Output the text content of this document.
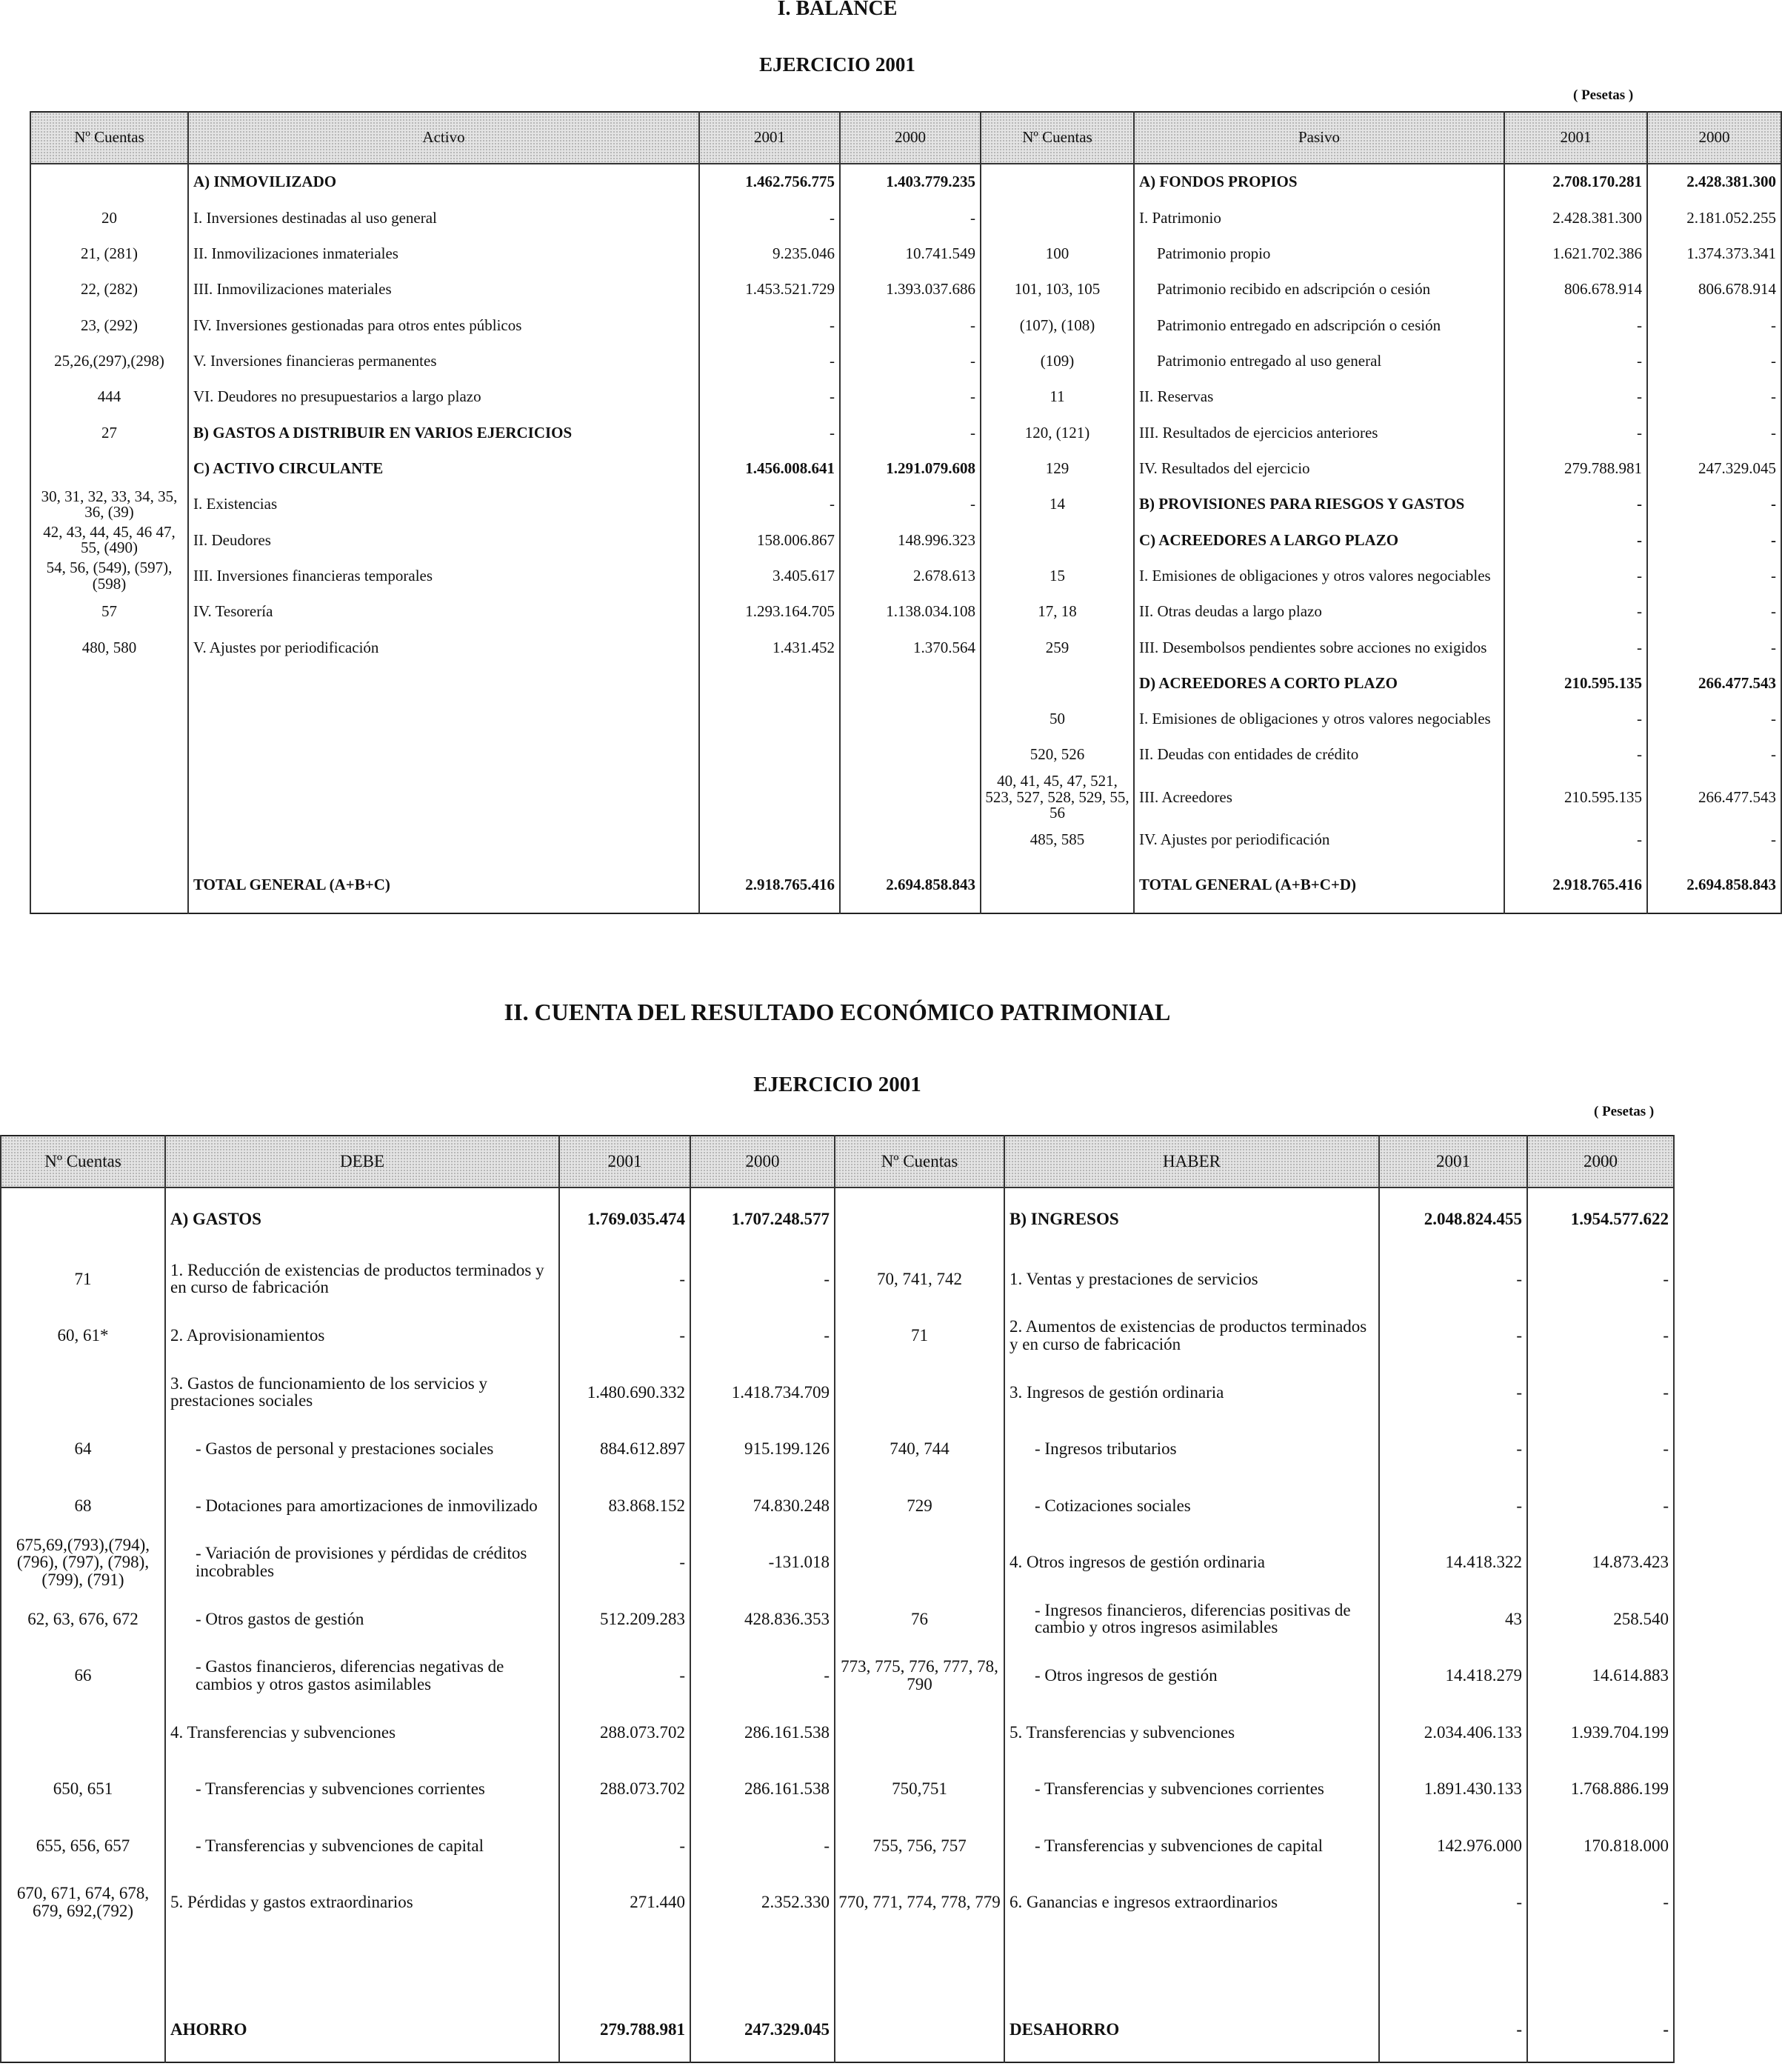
I. BALANCE
EJERCICIO 2001
( Pesetas )
Nº Cuentas	Activo	2001	2000	Nº Cuentas	Pasivo	2001	2000
	A) INMOVILIZADO	1.462.756.775	1.403.779.235		A) FONDOS PROPIOS	2.708.170.281	2.428.381.300
20	I. Inversiones destinadas al uso general	-	-		I. Patrimonio	2.428.381.300	2.181.052.255
21, (281)	II. Inmovilizaciones inmateriales	9.235.046	10.741.549	100	Patrimonio propio	1.621.702.386	1.374.373.341
22, (282)	III. Inmovilizaciones materiales	1.453.521.729	1.393.037.686	101, 103, 105	Patrimonio recibido en adscripción o cesión	806.678.914	806.678.914
23, (292)	IV. Inversiones gestionadas para otros entes públicos	-	-	(107), (108)	Patrimonio entregado en adscripción o cesión	-	-
25,26,(297),(298)	V. Inversiones financieras permanentes	-	-	(109)	Patrimonio entregado al uso general	-	-
444	VI. Deudores no presupuestarios a largo plazo	-	-	11	II. Reservas	-	-
27	B) GASTOS A DISTRIBUIR EN VARIOS EJERCICIOS	-	-	120, (121)	III. Resultados de ejercicios anteriores	-	-
	C) ACTIVO CIRCULANTE	1.456.008.641	1.291.079.608	129	IV. Resultados del ejercicio	279.788.981	247.329.045
30, 31, 32, 33, 34, 35, 36, (39)	I. Existencias	-	-	14	B) PROVISIONES PARA RIESGOS Y GASTOS	-	-
42, 43, 44, 45, 46 47, 55, (490)	II. Deudores	158.006.867	148.996.323		C) ACREEDORES A LARGO PLAZO	-	-
54, 56, (549), (597), (598)	III. Inversiones financieras temporales	3.405.617	2.678.613	15	I. Emisiones de obligaciones y otros valores negociables	-	-
57	IV. Tesorería	1.293.164.705	1.138.034.108	17, 18	II. Otras deudas a largo plazo	-	-
480, 580	V. Ajustes por periodificación	1.431.452	1.370.564	259	III. Desembolsos pendientes sobre acciones no exigidos	-	-
					D) ACREEDORES A CORTO PLAZO	210.595.135	266.477.543
				50	I. Emisiones de obligaciones y otros valores negociables	-	-
				520, 526	II. Deudas con entidades de crédito	-	-
				40, 41, 45, 47, 521, 523, 527, 528, 529, 55, 56	III. Acreedores	210.595.135	266.477.543
				485, 585	IV. Ajustes por periodificación	-	-
	TOTAL GENERAL (A+B+C)	2.918.765.416	2.694.858.843		TOTAL GENERAL (A+B+C+D)	2.918.765.416	2.694.858.843
II. CUENTA DEL RESULTADO ECONÓMICO PATRIMONIAL
EJERCICIO 2001
( Pesetas )
Nº Cuentas	DEBE	2001	2000	Nº Cuentas	HABER	2001	2000
	A) GASTOS	1.769.035.474	1.707.248.577		B) INGRESOS	2.048.824.455	1.954.577.622
71	1. Reducción de existencias de productos terminados y en curso de fabricación	-	-	70, 741, 742	1. Ventas y prestaciones de servicios	-	-
60, 61*	2. Aprovisionamientos	-	-	71	2. Aumentos de existencias de productos terminados y en curso de fabricación	-	-
	3. Gastos de funcionamiento de los servicios y prestaciones sociales	1.480.690.332	1.418.734.709		3. Ingresos de gestión ordinaria	-	-
64	- Gastos de personal y prestaciones sociales	884.612.897	915.199.126	740, 744	- Ingresos tributarios	-	-
68	- Dotaciones para amortizaciones de inmovilizado	83.868.152	74.830.248	729	- Cotizaciones sociales	-	-
675,69,(793),(794), (796), (797), (798), (799), (791)	- Variación de provisiones y pérdidas de créditos incobrables	-	-131.018		4. Otros ingresos de gestión ordinaria	14.418.322	14.873.423
62, 63, 676, 672	- Otros gastos de gestión	512.209.283	428.836.353	76	- Ingresos financieros, diferencias positivas de cambio y otros ingresos asimilables	43	258.540
66	- Gastos financieros, diferencias negativas de cambios y otros gastos asimilables	-	-	773, 775, 776, 777, 78, 790	- Otros ingresos de gestión	14.418.279	14.614.883
	4. Transferencias y subvenciones	288.073.702	286.161.538		5. Transferencias y subvenciones	2.034.406.133	1.939.704.199
650, 651	- Transferencias y subvenciones corrientes	288.073.702	286.161.538	750,751	- Transferencias y subvenciones corrientes	1.891.430.133	1.768.886.199
655, 656, 657	- Transferencias y subvenciones de capital	-	-	755, 756, 757	- Transferencias y subvenciones de capital	142.976.000	170.818.000
670, 671, 674, 678, 679, 692,(792)	5. Pérdidas y gastos extraordinarios	271.440	2.352.330	770, 771, 774, 778, 779	6. Ganancias e ingresos extraordinarios	-	-

	AHORRO	279.788.981	247.329.045		DESAHORRO	-	-
